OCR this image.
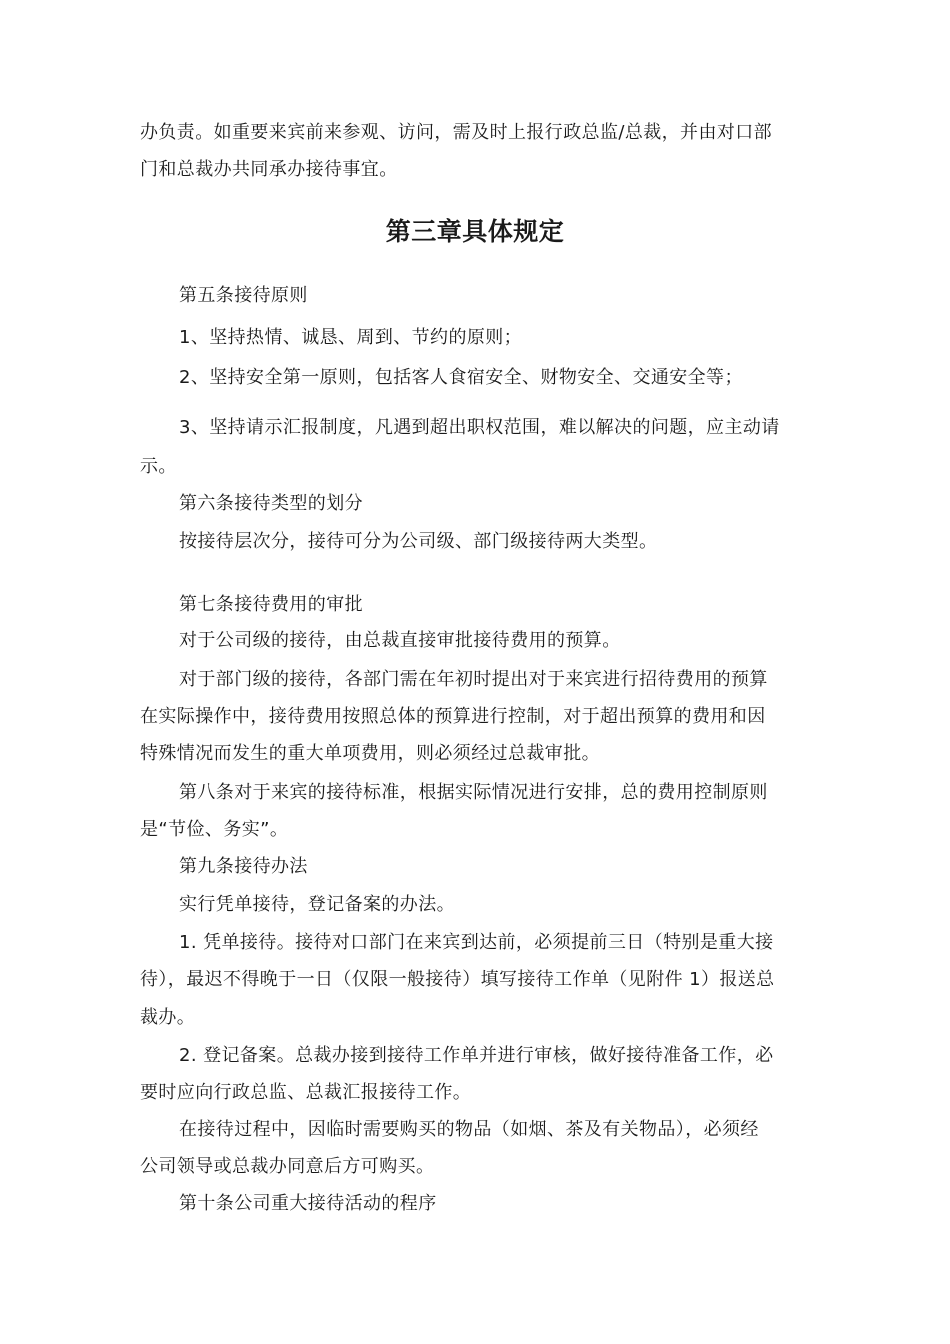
办负责。如重要来宾前来参观、访问，需及时上报行政总监/总裁，并由对口部
门和总裁办共同承办接待事宜。
第三章具体规定
第五条接待原则
1、坚持热情、诚恳、周到、节约的原则；
2、坚持安全第一原则，包括客人食宿安全、财物安全、交通安全等；
3、坚持请示汇报制度，凡遇到超出职权范围，难以解决的问题，应主动请
示。
第六条接待类型的划分
按接待层次分，接待可分为公司级、部门级接待两大类型。
第七条接待费用的审批
对于公司级的接待，由总裁直接审批接待费用的预算。
对于部门级的接待，各部门需在年初时提出对于来宾进行招待费用的预算
在实际操作中，接待费用按照总体的预算进行控制，对于超出预算的费用和因
特殊情况而发生的重大单项费用，则必须经过总裁审批。
第八条对于来宾的接待标准，根据实际情况进行安排，总的费用控制原则
是“节俭、务实”。
第九条接待办法
实行凭单接待，登记备案的办法。
1. 凭单接待。接待对口部门在来宾到达前，必须提前三日（特别是重大接
待），最迟不得晚于一日（仅限一般接待）填写接待工作单（见附件 1）报送总
裁办。
2. 登记备案。总裁办接到接待工作单并进行审核，做好接待准备工作，必
要时应向行政总监、总裁汇报接待工作。
在接待过程中，因临时需要购买的物品（如烟、茶及有关物品），必须经
公司领导或总裁办同意后方可购买。
第十条公司重大接待活动的程序
